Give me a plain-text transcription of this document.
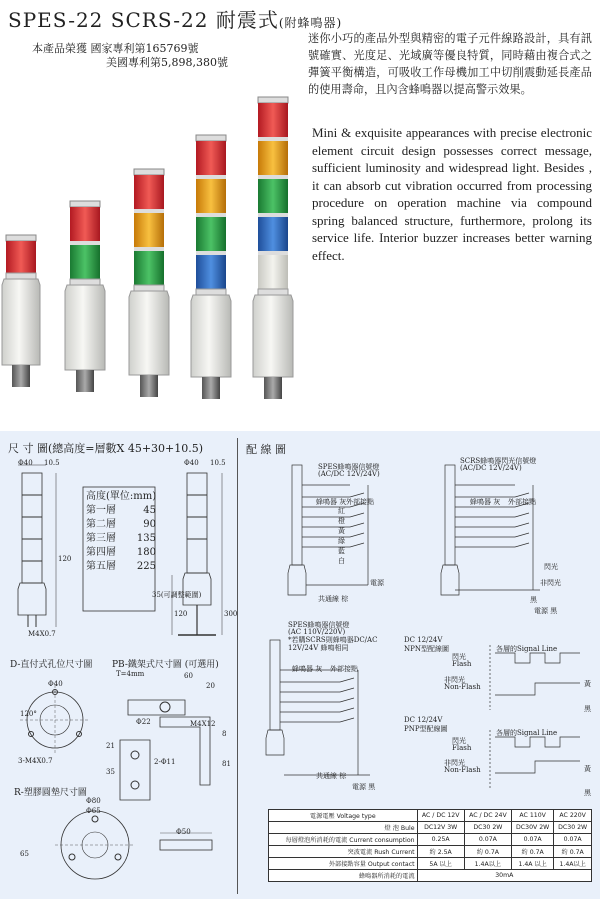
SPES-22 SCRS-22 耐震式(附蜂鳴器)
本產品榮獲 國家專利第165769號
美國專利第5,898,380號
迷你小巧的產品外型與精密的電子元件線路設計，具有訊號確實、光度足、光域廣等優良特質，同時藉由複合式之彈簧平衡構造，可吸收工作母機加工中切削震動延長產品的使用壽命，且內含蜂鳴器以提高警示效果。
Mini & exquisite appearances with precise electronic element circuit design possesses correct message, sufficient luminosity and widespread light. Besides , it can absorb cut vibration occurred from processing procedure on operation machine via compound spring balanced structure, furthermore, prolong its service life. Interior buzzer increases better warning effect.
尺 寸 圖(總高度=層數X 45+30+10.5)
Φ40 10.5
120
M4X0.7
Φ40 10.5
35(可調整範圍)
120	300
高度(單位:mm)
第一層	45
第二層	90
第三層 135
第四層 180
第五層 225
D-直付式孔位尺寸圖
Φ40
120°
3-M4X0.7
PB-鐵架式尺寸圖 (可選用)
T=4mm	60
20
Φ22	M4X12
2-Φ11
35
21
81
8
R-塑膠圓墊尺寸圖
Φ80
Φ65
Φ50
65
配 線 圖
SPES蜂鳴器信號燈
(AC/DC 12V/24V)
蜂鳴器 灰 外部接點
紅
橙
黃
綠
藍
白
電源
共通線 棕
SCRS蜂鳴器閃光信號燈
(AC/DC 12V/24V)
蜂鳴器 灰 外部接點
閃光
非閃光
黑
電源 黑
SPES蜂鳴器信號燈
(AC 110V/220V)
*若購SCRS則蜂鳴器DC/AC 12V/24V 蜂鳴相同
蜂鳴器 灰 外部接點
共通線 棕
電源 黑
DC 12/24V
NPN型配線圖
閃光
Flash
各層的Signal Line
非閃光
Non-Flash	黃
黑
DC 12/24V
PNP型配線圖
閃光
Flash
各層的Signal Line
非閃光
Non-Flash	黃
黑
電源電壓 Voltage type	AC / DC 12V	AC / DC 24V	AC 110V	AC 220V
燈 泡 Bule	DC12V 3W	DC30 2W	DC30V 2W	DC30 2W
每層燈泡所消耗的電流 Current consumption	0.25A	0.07A	0.07A	0.07A
突波電流 Rush Current	約 2.5A	約 0.7A	約 0.7A	約 0.7A
外部接點容量 Output contact	5A 以上	1.4A以上	1.4A 以上	1.4A以上
蜂鳴器所消耗的電流	30mA			
